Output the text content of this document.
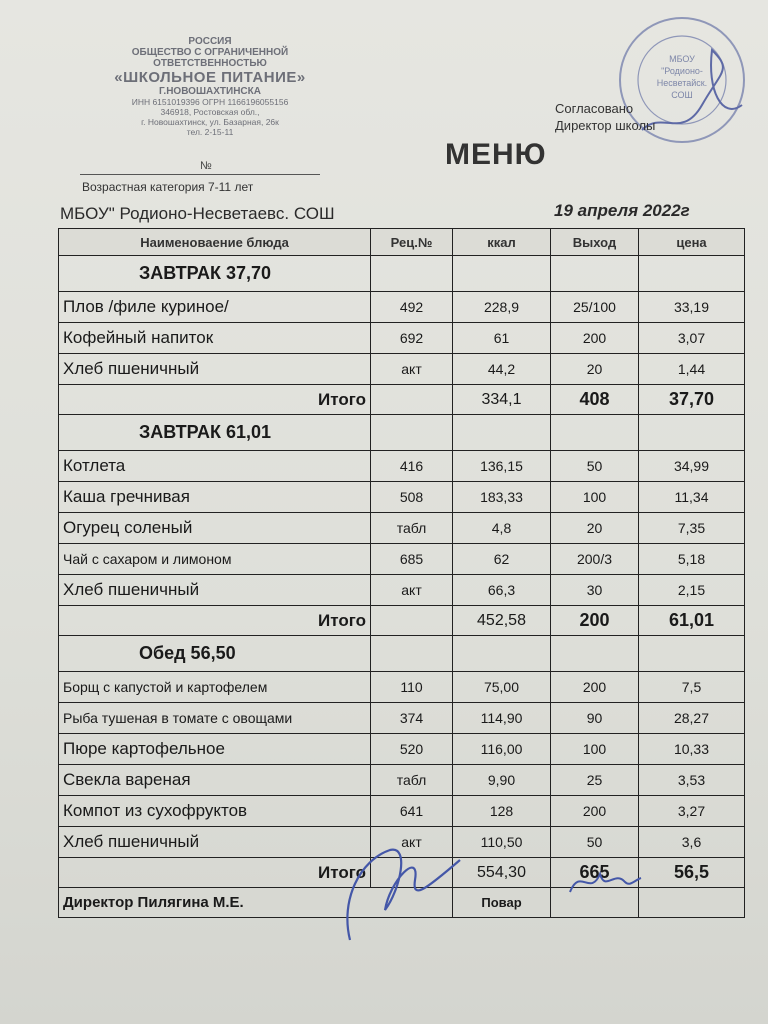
РОССИЯ
ОБЩЕСТВО С ОГРАНИЧЕННОЙ
ОТВЕТСТВЕННОСТЬЮ
«ШКОЛЬНОЕ ПИТАНИЕ»
Г.НОВОШАХТИНСКА
ИНН 6151019396 ОГРН 1166196055156
346918, Ростовская обл.,
г. Новошахтинск, ул. Базарная, 26к
тел. 2-15-11
№
Возрастная категория 7-11 лет
МБОУ
"Родионо-
Несветайск.
СОШ
Согласовано
Директор школы
МЕНЮ
МБОУ" Родионо-Несветаевс. СОШ	19 апреля 2022г
Наименоваение блюда	Рец.№	ккал	Выход	цена
ЗАВТРАК 37,70				
Плов /филе куриное/	492	228,9	25/100	33,19
Кофейный напиток	692	61	200	3,07
Хлеб пшеничный	акт	44,2	20	1,44
Итого		334,1	408	37,70
ЗАВТРАК 61,01				
Котлета	416	136,15	50	34,99
Каша гречнивая	508	183,33	100	11,34
Огурец соленый	табл	4,8	20	7,35
Чай с сахаром и лимоном	685	62	200/3	5,18
Хлеб пшеничный	акт	66,3	30	2,15
Итого		452,58	200	61,01
Обед 56,50				
Борщ с капустой и картофелем	110	75,00	200	7,5
Рыба тушеная в томате с овощами	374	114,90	90	28,27
Пюре картофельное	520	116,00	100	10,33
Свекла вареная	табл	9,90	25	3,53
Компот из сухофруктов	641	128	200	3,27
Хлеб пшеничный	акт	110,50	50	3,6
Итого		554,30	665	56,5
Директор Пилягина М.Е.		Повар		
